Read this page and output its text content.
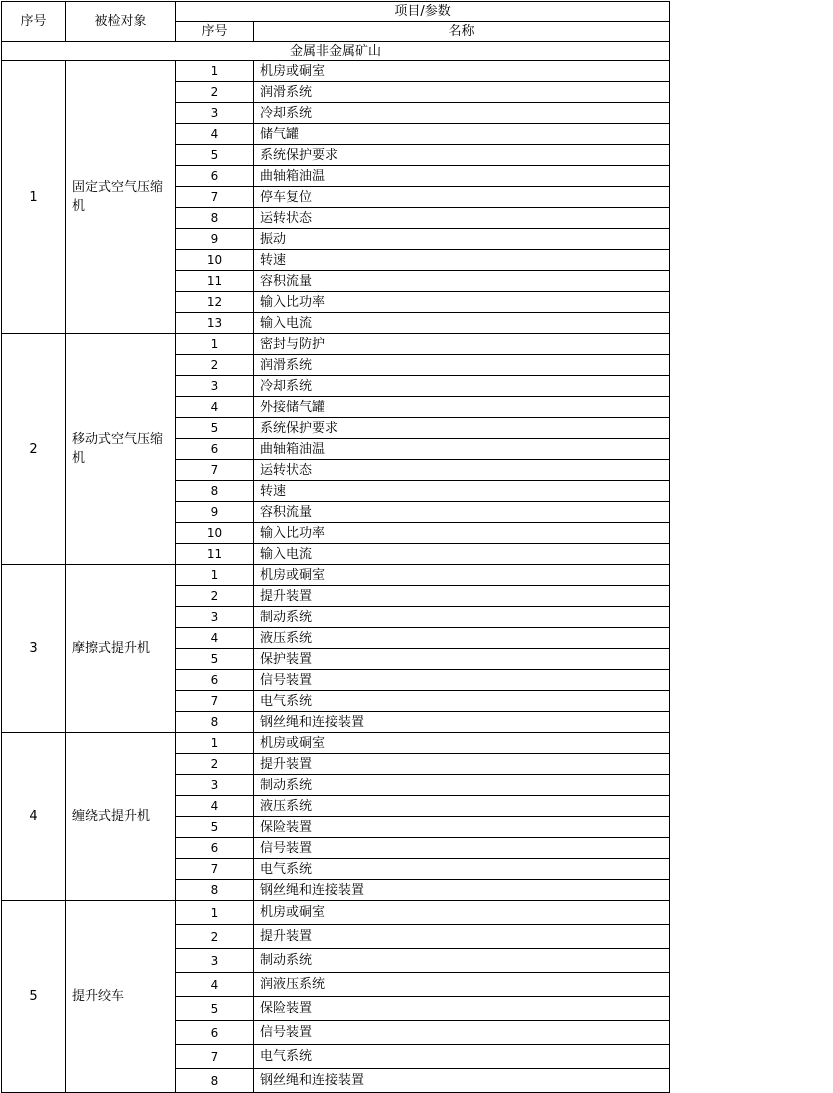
序号	被检对象	项目/参数	
		序号	名称
金属非金属矿山			
1	固定式空气压缩机	1	机房或硐室
		2	润滑系统
		3	冷却系统
		4	储气罐
		5	系统保护要求
		6	曲轴箱油温
		7	停车复位
		8	运转状态
		9	振动
		10	转速
		11	容积流量
		12	输入比功率
		13	输入电流
2	移动式空气压缩机	1	密封与防护
		2	润滑系统
		3	冷却系统
		4	外接储气罐
		5	系统保护要求
		6	曲轴箱油温
		7	运转状态
		8	转速
		9	容积流量
		10	输入比功率
		11	输入电流
3	摩擦式提升机	1	机房或硐室
		2	提升装置
		3	制动系统
		4	液压系统
		5	保护装置
		6	信号装置
		7	电气系统
		8	钢丝绳和连接装置
4	缠绕式提升机	1	机房或硐室
		2	提升装置
		3	制动系统
		4	液压系统
		5	保险装置
		6	信号装置
		7	电气系统
		8	钢丝绳和连接装置
5	提升绞车	1	机房或硐室
		2	提升装置
		3	制动系统
		4	润液压系统
		5	保险装置
		6	信号装置
		7	电气系统
		8	钢丝绳和连接装置
